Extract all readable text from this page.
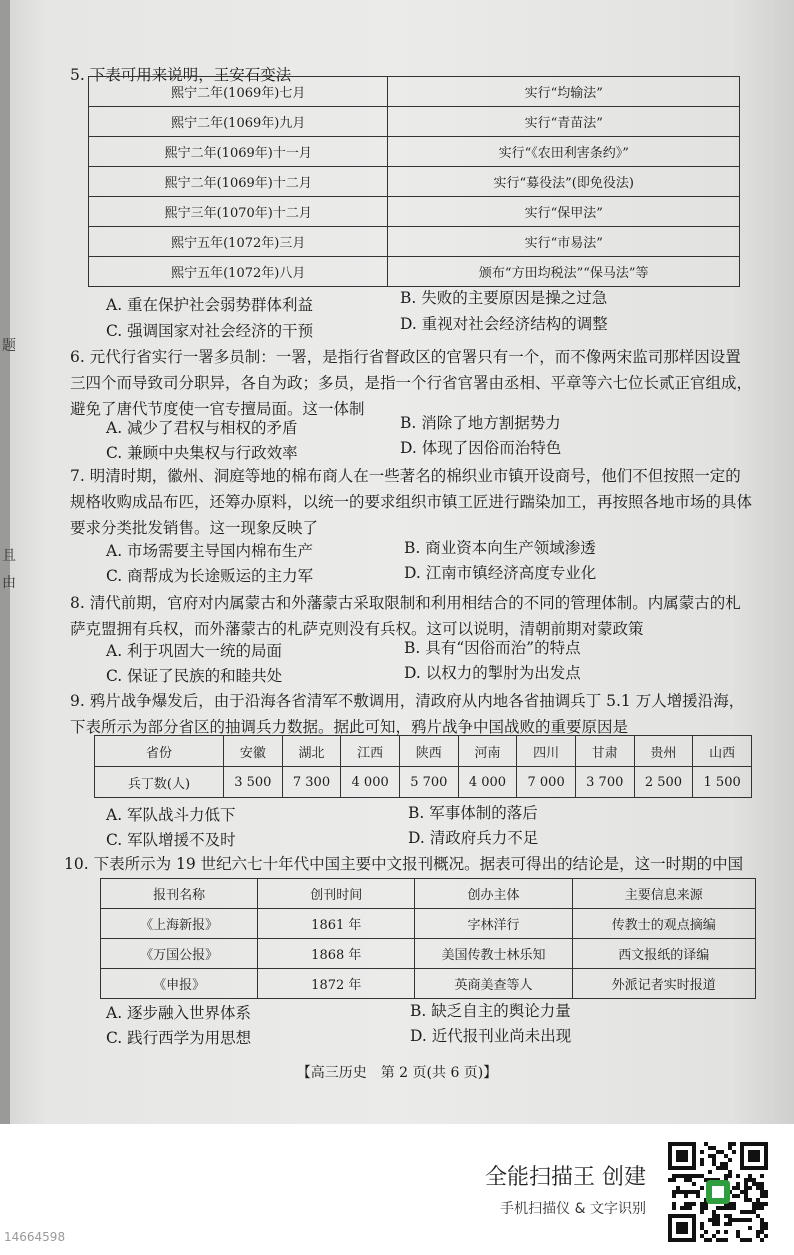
题
且
由
5. 下表可用来说明，王安石变法
熙宁二年(1069年)七月	实行“均输法”
熙宁二年(1069年)九月	实行“青苗法”
熙宁二年(1069年)十一月	实行“《农田利害条约》”
熙宁二年(1069年)十二月	实行“募役法”(即免役法)
熙宁三年(1070年)十二月	实行“保甲法”
熙宁五年(1072年)三月	实行“市易法”
熙宁五年(1072年)八月	颁布“方田均税法”“保马法”等
A. 重在保护社会弱势群体利益	B. 失败的主要原因是操之过急
C. 强调国家对社会经济的干预	D. 重视对社会经济结构的调整
6. 元代行省实行一署多员制：一署，是指行省督政区的官署只有一个，而不像两宋监司那样因设置三四个而导致司分职异，各自为政；多员，是指一个行省官署由丞相、平章等六七位长贰正官组成，避免了唐代节度使一官专擅局面。这一体制
A. 减少了君权与相权的矛盾	B. 消除了地方割据势力
C. 兼顾中央集权与行政效率	D. 体现了因俗而治特色
7. 明清时期，徽州、洞庭等地的棉布商人在一些著名的棉织业市镇开设商号，他们不但按照一定的规格收购成品布匹，还筹办原料，以统一的要求组织市镇工匠进行踹染加工，再按照各地市场的具体要求分类批发销售。这一现象反映了
A. 市场需要主导国内棉布生产	B. 商业资本向生产领域渗透
C. 商帮成为长途贩运的主力军	D. 江南市镇经济高度专业化
8. 清代前期，官府对内属蒙古和外藩蒙古采取限制和利用相结合的不同的管理体制。内属蒙古的札萨克盟拥有兵权，而外藩蒙古的札萨克则没有兵权。这可以说明，清朝前期对蒙政策
A. 利于巩固大一统的局面	B. 具有“因俗而治”的特点
C. 保证了民族的和睦共处	D. 以权力的掣肘为出发点
9. 鸦片战争爆发后，由于沿海各省清军不敷调用，清政府从内地各省抽调兵丁 5.1 万人增援沿海，下表所示为部分省区的抽调兵力数据。据此可知，鸦片战争中国战败的重要原因是
省份	安徽	湖北	江西	陕西	河南	四川	甘肃	贵州	山西
兵丁数(人)	3 500	7 300	4 000	5 700	4 000	7 000	3 700	2 500	1 500
A. 军队战斗力低下	B. 军事体制的落后
C. 军队增援不及时	D. 清政府兵力不足
10. 下表所示为 19 世纪六七十年代中国主要中文报刊概况。据表可得出的结论是，这一时期的中国
报刊名称	创刊时间	创办主体	主要信息来源
《上海新报》	1861 年	字林洋行	传教士的观点摘编
《万国公报》	1868 年	美国传教士林乐知	西文报纸的译编
《申报》	1872 年	英商美查等人	外派记者实时报道
A. 逐步融入世界体系	B. 缺乏自主的舆论力量
C. 践行西学为用思想	D. 近代报刊业尚未出现
【高三历史　第 2 页(共 6 页)】
全能扫描王 创建
手机扫描仪 & 文字识别
14664598
